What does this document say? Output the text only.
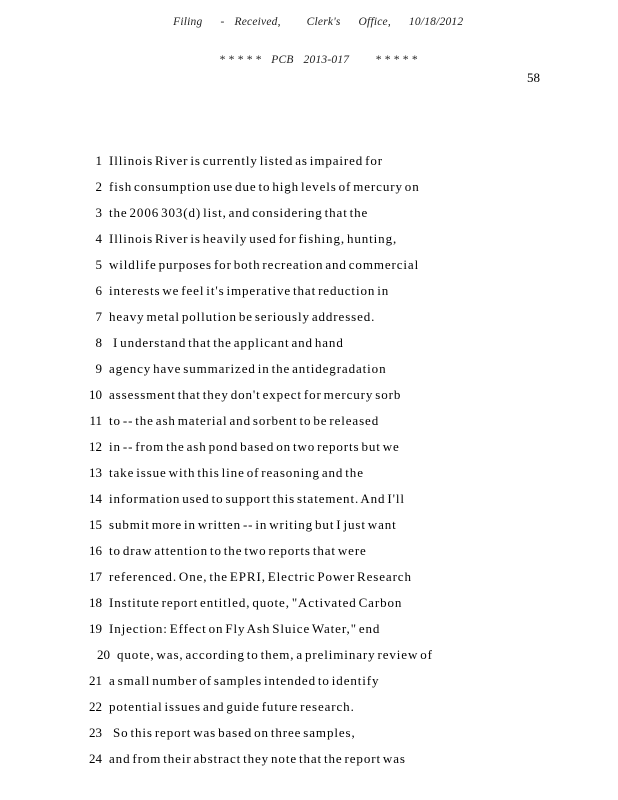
Filing - Received, Clerk's Office, 10/18/2012

* * * * * PCB 2013-017 * * * * *

58
1 Illinois River is currently listed as impaired for
2 fish consumption use due to high levels of mercury on
3 the 2006 303(d) list, and considering that the
4 Illinois River is heavily used for fishing, hunting,
5 wildlife purposes for both recreation and commercial
6 interests we feel it's imperative that reduction in
7 heavy metal pollution be seriously addressed.
8 I understand that the applicant and hand
9 agency have summarized in the antidegradation
10 assessment that they don't expect for mercury sorb
11 to -- the ash material and sorbent to be released
12 in -- from the ash pond based on two reports but we
13 take issue with this line of reasoning and the
14 information used to support this statement. And I'll
15 submit more in written -- in writing but I just want
16 to draw attention to the two reports that were
17 referenced. One, the EPRI, Electric Power Research
18 Institute report entitled, quote, "Activated Carbon
19 Injection: Effect on Fly Ash Sluice Water," end
20 quote, was, according to them, a preliminary review of
21 a small number of samples intended to identify
22 potential issues and guide future research.
23 So this report was based on three samples,
24 and from their abstract they note that the report was
